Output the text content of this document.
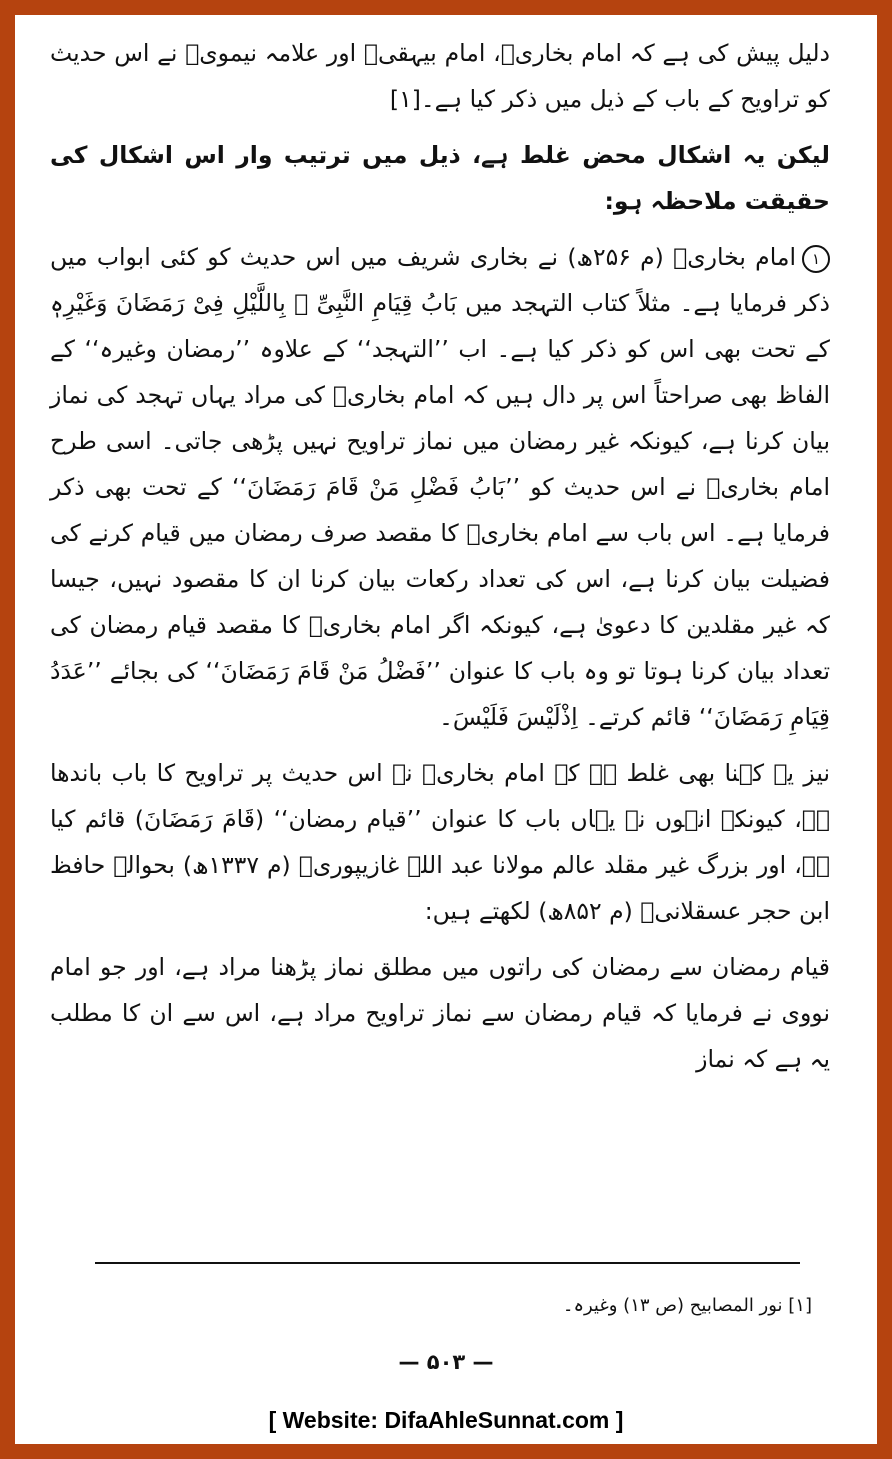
دلیل پیش کی ہے کہ امام بخاریؒ، امام بیہقیؒ اور علامہ نیمویؒ نے اس حدیث کو تراویح کے باب کے ذیل میں ذکر کیا ہے۔[۱]

لیکن یہ اشکال محض غلط ہے، ذیل میں ترتیب وار اس اشکال کی حقیقت ملاحظہ ہو:

۱امام بخاریؒ (م ۲۵۶ھ) نے بخاری شریف میں اس حدیث کو کئی ابواب میں ذکر فرمایا ہے۔ مثلاً کتاب التہجد میں بَابُ قِیَامِ النَّبِیِّ ﷺ بِاللَّیْلِ فِیْ رَمَضَانَ وَغَیْرِہٖ کے تحت بھی اس کو ذکر کیا ہے۔ اب ’’التہجد‘‘ کے علاوہ ’’رمضان وغیرہ‘‘ کے الفاظ بھی صراحتاً اس پر دال ہیں کہ امام بخاریؒ کی مراد یہاں تہجد کی نماز بیان کرنا ہے، کیونکہ غیر رمضان میں نماز تراویح نہیں پڑھی جاتی۔ اسی طرح امام بخاریؒ نے اس حدیث کو ’’بَابُ فَضْلِ مَنْ قَامَ رَمَضَانَ‘‘ کے تحت بھی ذکر فرمایا ہے۔ اس باب سے امام بخاریؒ کا مقصد صرف رمضان میں قیام کرنے کی فضیلت بیان کرنا ہے، اس کی تعداد رکعات بیان کرنا ان کا مقصود نہیں، جیسا کہ غیر مقلدین کا دعویٰ ہے، کیونکہ اگر امام بخاریؒ کا مقصد قیام رمضان کی تعداد بیان کرنا ہوتا تو وہ باب کا عنوان ’’فَضْلُ مَنْ قَامَ رَمَضَانَ‘‘ کی بجائے ’’عَدَدُ قِیَامِ رَمَضَانَ‘‘ قائم کرتے۔ اِذْلَیْسَ فَلَیْسَ۔

نیز یہ کہنا بھی غلط ہے کہ امام بخاریؒ نے اس حدیث پر تراویح کا باب باندھا ہے، کیونکہ انہوں نے یہاں باب کا عنوان ’’قیام رمضان‘‘ (قَامَ رَمَضَانَ) قائم کیا ہے، اور بزرگ غیر مقلد عالم مولانا عبد اللہ غازیپوریؒ (م ۱۳۳۷ھ) بحوالہ حافظ ابن حجر عسقلانیؒ (م ۸۵۲ھ) لکھتے ہیں:

قیام رمضان سے رمضان کی راتوں میں مطلق نماز پڑھنا مراد ہے، اور جو امام نووی نے فرمایا کہ قیام رمضان سے نماز تراویح مراد ہے، اس سے ان کا مطلب یہ ہے کہ نماز

[۱] نور المصابیح (ص ۱۳) وغیرہ۔
— ۵۰۳ —
[ Website: DifaAhleSunnat.com ]
